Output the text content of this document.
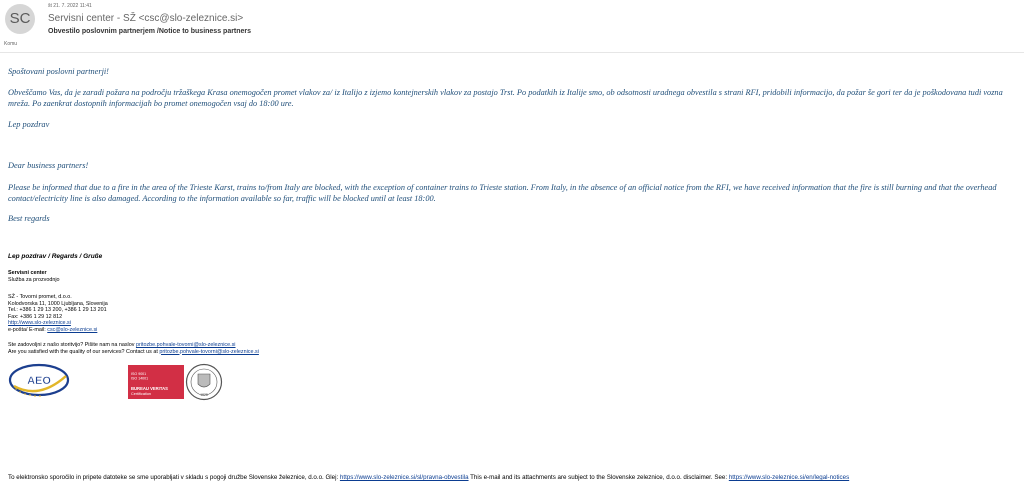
SC
Komu
št 21. 7. 2022 11:41
Servisni center - SŽ <csc@slo-zeleznice.si>
Obvestilo poslovnim partnerjem /Notice to business partners
Spoštovani poslovni partnerji!
Obveščamo Vas, da je zaradi požara na področju tržaškega Krasa onemogočen promet vlakov za/ iz Italijo z izjemo kontejnerskih vlakov za postajo Trst. Po podatkih iz Italije smo, ob odsotnosti uradnega obvestila s strani RFI, pridobili informacijo, da požar še gori ter da je poškodovana tudi vozna mreža. Po zaenkrat dostopnih informacijah bo promet onemogočen vsaj do 18:00 ure.
Lep pozdrav
Dear business partners!
Please be informed that due to a fire in the area of the Trieste Karst, trains to/from Italy are blocked, with the exception of container trains to Trieste station. From Italy, in the absence of an official notice from the RFI, we have received information that the fire is still burning and that the overhead contact/electricity line is also damaged. According to the information available so far, traffic will be blocked until at least 18:00.
Best regards
Lep pozdrav / Regards / Gruße
Servisni center
Služba za prozvodnjo
SŽ - Tovorni promet, d.o.o.
Kolodvorska 11, 1000 Ljubljana, Slovenija
Tel.: +386 1 29 13 200, +386 1 29 13 201
Fax: +386 1 29 12 812
http://www.slo-zeleznice.si
e-pošta/ E-mail: csc@slo-zeleznice.si
Ste zadovoljni z našo storitvijo? Pišite nam na naslov pritozbe.pohvale-tovorni@slo-zeleznice.si
Are you satisfied with the quality of our services? Contact us at pritozbe.pohvale-tovorni@slo-zeleznice.si
AEO
ISO 9001
ISO 14001
BUREAU VERITAS
Certification	1828
To elektronsko sporočilo in pripete datoteke se sme uporabljati v skladu s pogoji družbe Slovenske železnice, d.o.o. Glej: https://www.slo-zeleznice.si/sl/pravna-obvestila This e-mail and its attachments are subject to the Slovenske zeleznice, d.o.o. disclaimer. See: https://www.slo-zeleznice.si/en/legal-notices
